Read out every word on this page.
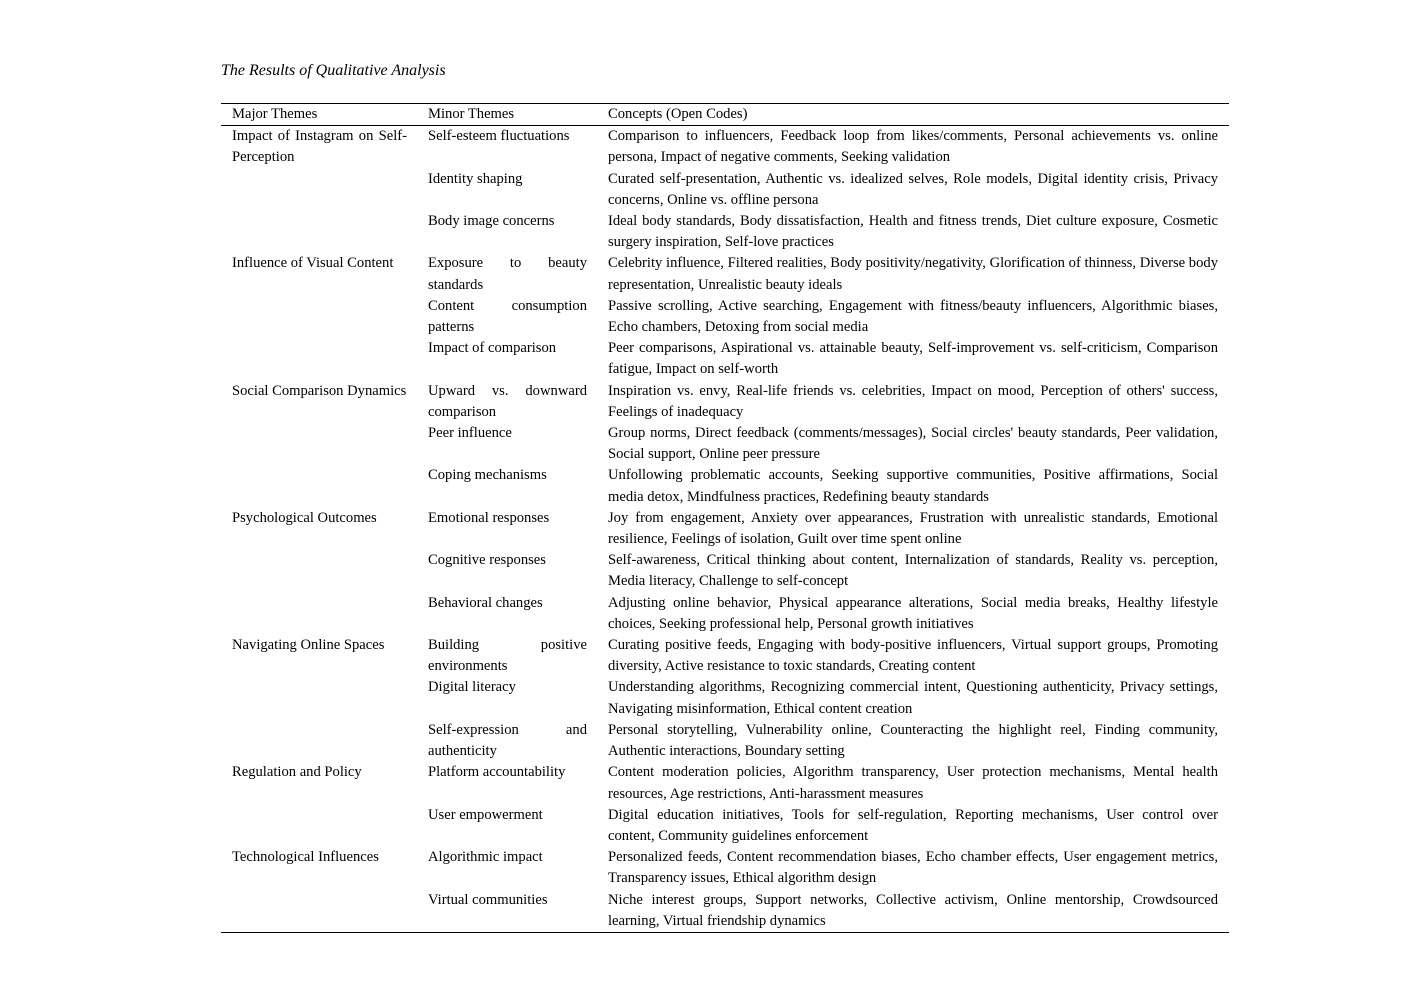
The Results of Qualitative Analysis
Major Themes	Minor Themes	Concepts (Open Codes)
Impact of Instagram on Self-Perception	Self-esteem fluctuations	Comparison to influencers, Feedback loop from likes/comments, Personal achievements vs. online persona, Impact of negative comments, Seeking validation
	Identity shaping	Curated self-presentation, Authentic vs. idealized selves, Role models, Digital identity crisis, Privacy concerns, Online vs. offline persona
	Body image concerns	Ideal body standards, Body dissatisfaction, Health and fitness trends, Diet culture exposure, Cosmetic surgery inspiration, Self-love practices
Influence of Visual Content	Exposure to beauty standards	Celebrity influence, Filtered realities, Body positivity/negativity, Glorification of thinness, Diverse body representation, Unrealistic beauty ideals
	Content consumption patterns	Passive scrolling, Active searching, Engagement with fitness/beauty influencers, Algorithmic biases, Echo chambers, Detoxing from social media
	Impact of comparison	Peer comparisons, Aspirational vs. attainable beauty, Self-improvement vs. self-criticism, Comparison fatigue, Impact on self-worth
Social Comparison Dynamics	Upward vs. downward comparison	Inspiration vs. envy, Real-life friends vs. celebrities, Impact on mood, Perception of others' success, Feelings of inadequacy
	Peer influence	Group norms, Direct feedback (comments/messages), Social circles' beauty standards, Peer validation, Social support, Online peer pressure
	Coping mechanisms	Unfollowing problematic accounts, Seeking supportive communities, Positive affirmations, Social media detox, Mindfulness practices, Redefining beauty standards
Psychological Outcomes	Emotional responses	Joy from engagement, Anxiety over appearances, Frustration with unrealistic standards, Emotional resilience, Feelings of isolation, Guilt over time spent online
	Cognitive responses	Self-awareness, Critical thinking about content, Internalization of standards, Reality vs. perception, Media literacy, Challenge to self-concept
	Behavioral changes	Adjusting online behavior, Physical appearance alterations, Social media breaks, Healthy lifestyle choices, Seeking professional help, Personal growth initiatives
Navigating Online Spaces	Building positive environments	Curating positive feeds, Engaging with body-positive influencers, Virtual support groups, Promoting diversity, Active resistance to toxic standards, Creating content
	Digital literacy	Understanding algorithms, Recognizing commercial intent, Questioning authenticity, Privacy settings, Navigating misinformation, Ethical content creation
	Self-expression and authenticity	Personal storytelling, Vulnerability online, Counteracting the highlight reel, Finding community, Authentic interactions, Boundary setting
Regulation and Policy	Platform accountability	Content moderation policies, Algorithm transparency, User protection mechanisms, Mental health resources, Age restrictions, Anti-harassment measures
	User empowerment	Digital education initiatives, Tools for self-regulation, Reporting mechanisms, User control over content, Community guidelines enforcement
Technological Influences	Algorithmic impact	Personalized feeds, Content recommendation biases, Echo chamber effects, User engagement metrics, Transparency issues, Ethical algorithm design
	Virtual communities	Niche interest groups, Support networks, Collective activism, Online mentorship, Crowdsourced learning, Virtual friendship dynamics
